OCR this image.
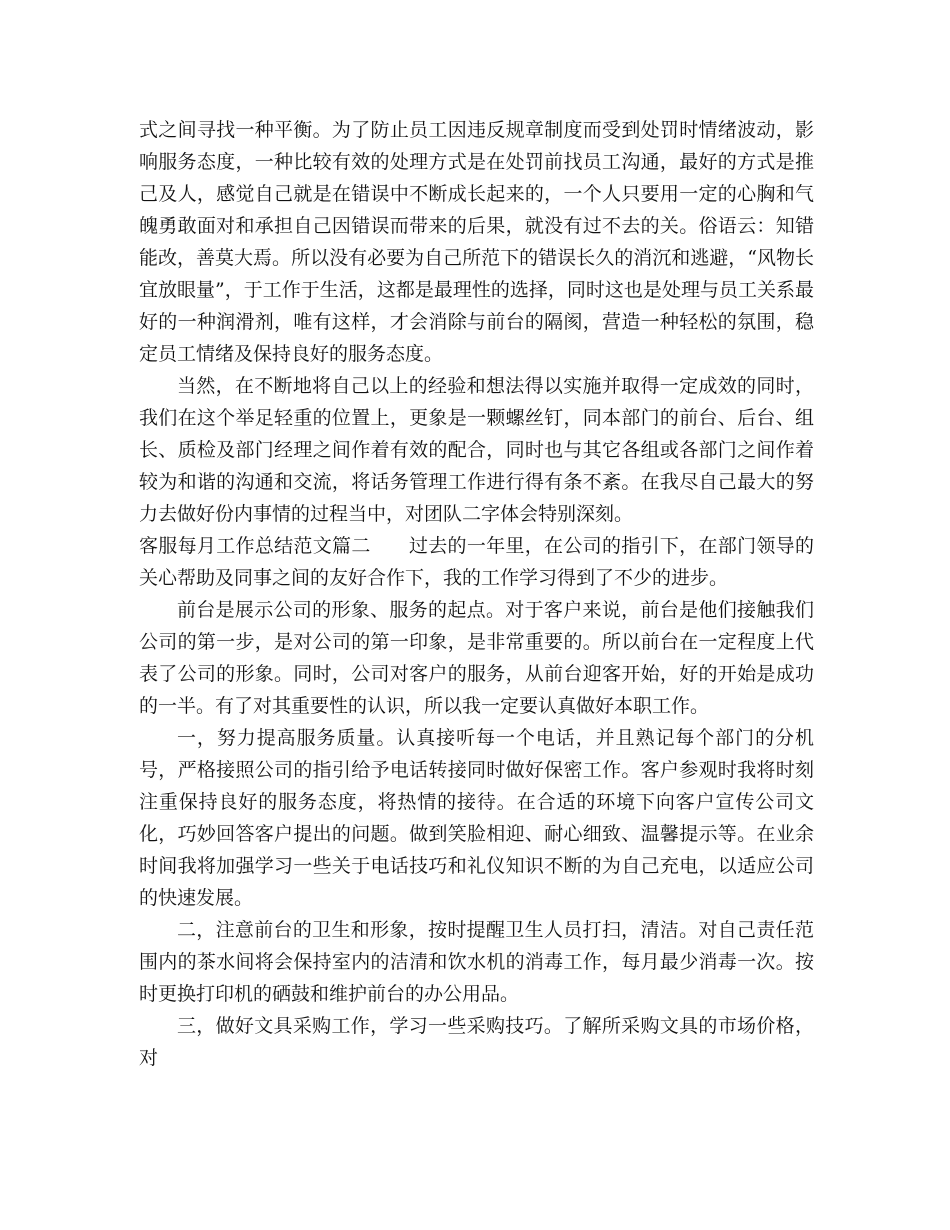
式之间寻找一种平衡。为了防止员工因违反规章制度而受到处罚时情绪波动，影响服务态度，一种比较有效的处理方式是在处罚前找员工沟通，最好的方式是推己及人，感觉自己就是在错误中不断成长起来的，一个人只要用一定的心胸和气魄勇敢面对和承担自己因错误而带来的后果，就没有过不去的关。俗语云：知错能改，善莫大焉。所以没有必要为自己所范下的错误长久的消沉和逃避，“风物长宜放眼量”，于工作于生活，这都是最理性的选择，同时这也是处理与员工关系最好的一种润滑剂，唯有这样，才会消除与前台的隔阂，营造一种轻松的氛围，稳定员工情绪及保持良好的服务态度。

当然，在不断地将自己以上的经验和想法得以实施并取得一定成效的同时，我们在这个举足轻重的位置上，更象是一颗螺丝钉，同本部门的前台、后台、组长、质检及部门经理之间作着有效的配合，同时也与其它各组或各部门之间作着较为和谐的沟通和交流，将话务管理工作进行得有条不紊。在我尽自己最大的努力去做好份内事情的过程当中，对团队二字体会特别深刻。

客服每月工作总结范文篇二 过去的一年里，在公司的指引下，在部门领导的关心帮助及同事之间的友好合作下，我的工作学习得到了不少的进步。

前台是展示公司的形象、服务的起点。对于客户来说，前台是他们接触我们公司的第一步，是对公司的第一印象，是非常重要的。所以前台在一定程度上代表了公司的形象。同时，公司对客户的服务，从前台迎客开始，好的开始是成功的一半。有了对其重要性的认识，所以我一定要认真做好本职工作。

一，努力提高服务质量。认真接听每一个电话，并且熟记每个部门的分机号，严格接照公司的指引给予电话转接同时做好保密工作。客户参观时我将时刻注重保持良好的服务态度，将热情的接待。在合适的环境下向客户宣传公司文化，巧妙回答客户提出的问题。做到笑脸相迎、耐心细致、温馨提示等。在业余时间我将加强学习一些关于电话技巧和礼仪知识不断的为自己充电，以适应公司的快速发展。

二，注意前台的卫生和形象，按时提醒卫生人员打扫，清洁。对自己责任范围内的茶水间将会保持室内的洁清和饮水机的消毒工作，每月最少消毒一次。按时更换打印机的硒鼓和维护前台的办公用品。

三，做好文具采购工作，学习一些采购技巧。了解所采购文具的市场价格，对
